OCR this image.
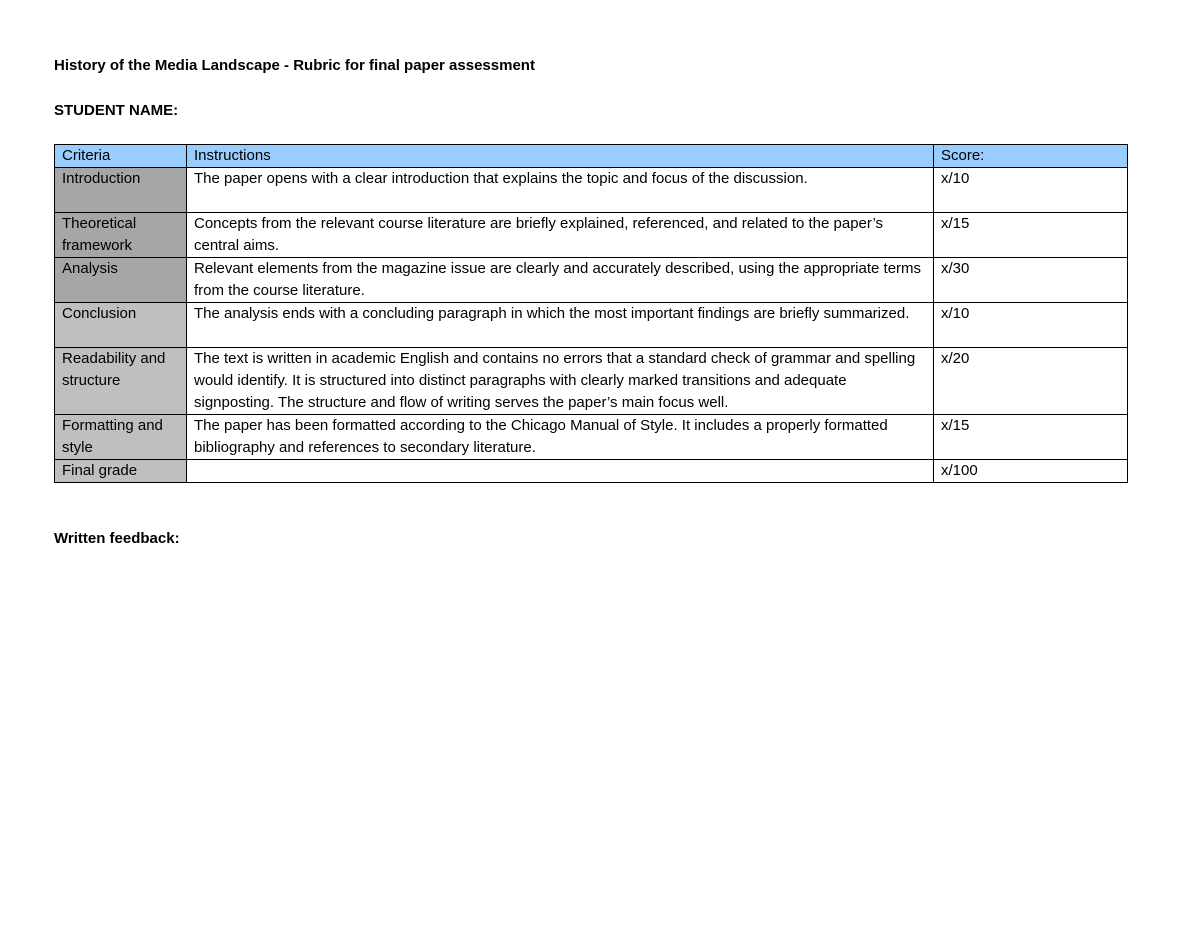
History of the Media Landscape - Rubric for final paper assessment
STUDENT NAME:
Criteria	Instructions	Score:
Introduction	The paper opens with a clear introduction that explains the topic and focus of the discussion.	x/10
Theoretical framework	Concepts from the relevant course literature are briefly explained, referenced, and related to the paper’s central aims.	x/15
Analysis	Relevant elements from the magazine issue are clearly and accurately described, using the appropriate terms from the course literature.	x/30
Conclusion	The analysis ends with a concluding paragraph in which the most important findings are briefly summarized.	x/10
Readability and structure	The text is written in academic English and contains no errors that a standard check of grammar and spelling would identify. It is structured into distinct paragraphs with clearly marked transitions and adequate signposting. The structure and flow of writing serves the paper’s main focus well.	x/20
Formatting and style	The paper has been formatted according to the Chicago Manual of Style. It includes a properly formatted bibliography and references to secondary literature.	x/15
Final grade		x/100
Written feedback:
